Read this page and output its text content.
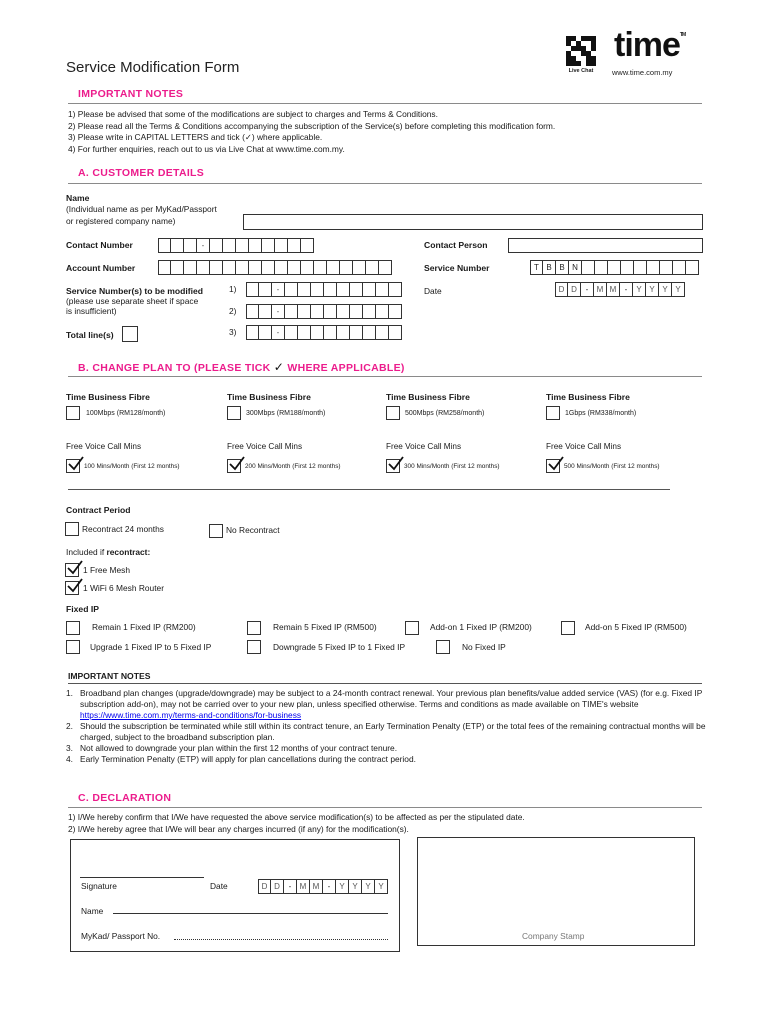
Service Modification Form	Live Chat
time™
www.time.com.my
IMPORTANT NOTES
1) Please be advised that some of the modifications are subject to charges and Terms & Conditions.
2) Please read all the Terms & Conditions accompanying the subscription of the Service(s) before completing this modification form.
3) Please write in CAPITAL LETTERS and tick (✓) where applicable.
4) For further enquiries, reach out to us via Live Chat at www.time.com.my.
A. CUSTOMER DETAILS
Name
(Individual name as per MyKad/Passport
or registered company name)
Contact Number	-	Contact Person
Account Number	Service Number	T B B N
Service Number(s) to be modified
(please use separate sheet if space
is insufficient)
1)	-
2)	-
3)	-
Date	D D	-	M M	-	Y Y Y Y
Total line(s)
B. CHANGE PLAN TO (PLEASE TICK ✓ WHERE APPLICABLE)
Time Business Fibre
100Mbps (RM128/month)
Free Voice Call Mins
100 Mins/Month (First 12 months)
Time Business Fibre
300Mbps (RM188/month)
Free Voice Call Mins
200 Mins/Month (First 12 months)
Time Business Fibre
500Mbps (RM258/month)
Free Voice Call Mins
300 Mins/Month (First 12 months)
Time Business Fibre
1Gbps (RM338/month)
Free Voice Call Mins
500 Mins/Month (First 12 months)
Contract Period
Recontract 24 months	No Recontract
Included if recontract:
1 Free Mesh
1 WiFi 6 Mesh Router
Fixed IP
Remain 1 Fixed IP (RM200)	Remain 5 Fixed IP (RM500)	Add-on 1 Fixed IP (RM200)	Add-on 5 Fixed IP (RM500)
Upgrade 1 Fixed IP to 5 Fixed IP	Downgrade 5 Fixed IP to 1 Fixed IP	No Fixed IP
IMPORTANT NOTES
1. Broadband plan changes (upgrade/downgrade) may be subject to a 24-month contract renewal. Your previous plan benefits/value added service (VAS) (for e.g. Fixed IP subscription add-on), may not be carried over to your new plan, unless specified otherwise. Terms and conditions as made available on TIME's website https://www.time.com.my/terms-and-conditions/for-business
2. Should the subscription be terminated while still within its contract tenure, an Early Termination Penalty (ETP) or the total fees of the remaining contractual months will be charged, subject to the broadband subscription plan.
3. Not allowed to downgrade your plan within the first 12 months of your contract tenure.
4. Early Termination Penalty (ETP) will apply for plan cancellations during the contract period.
C. DECLARATION
1) I/We hereby confirm that I/We have requested the above service modification(s) to be affected as per the stipulated date.
2) I/We hereby agree that I/We will bear any charges incurred (if any) for the modification(s).
Signature	Date	D D	-	M M	-	Y Y Y Y
Name
MyKad/ Passport No.	Company Stamp
